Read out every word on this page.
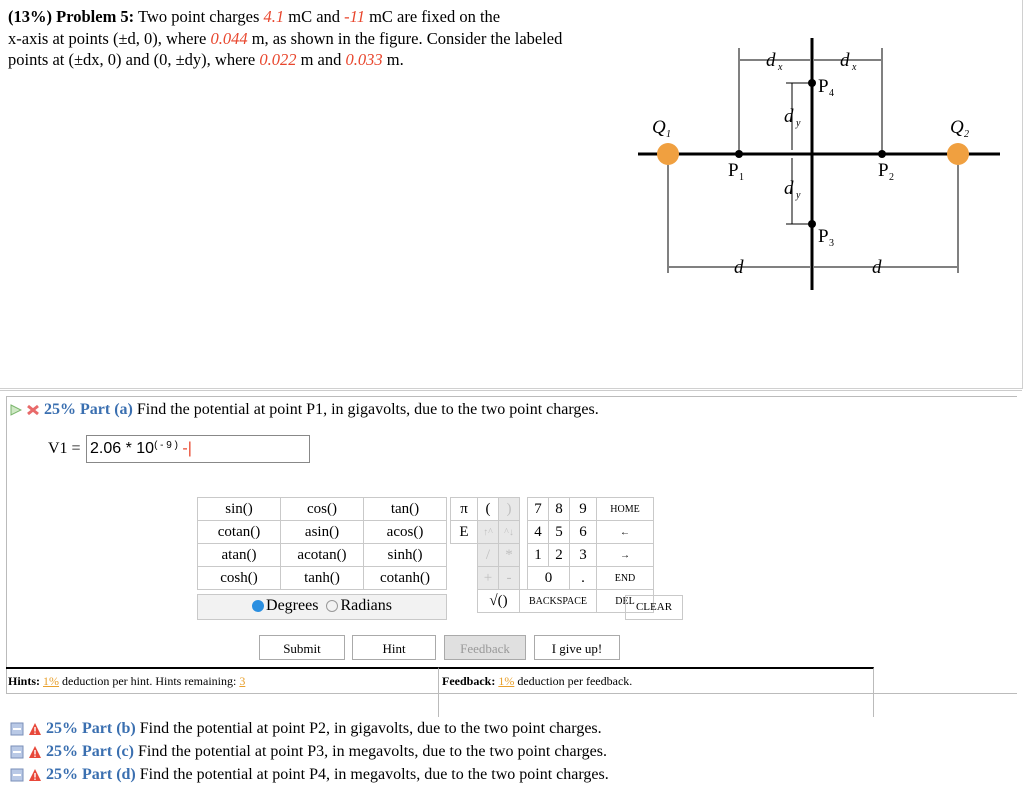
(13%) Problem 5: Two point charges 4.1 mC and -11 mC are fixed on the
x-axis at points (±d, 0), where 0.044 m, as shown in the figure. Consider the labeled
points at (±dx, 0) and (0, ±dy), where 0.022 m and 0.033 m.
Q 1	Q 2
P 1	P 2
P 3
P 4
d x	d x
d y
d y
d	d
25% Part (a) Find the potential at point P1, in gigavolts, due to the two point charges.
$V1 = 2.06 * 10^{( - 9 )}$ -|
sin()	cos()	tan()
cotan()	asin()	acos()
atan()	acotan()	sinh()
cosh()	tanh()	cotanh()
Degrees Radians
π	(	)		7	8	9	HOME
E	↑^	^↓		4	5	6	←
	/	*		1	2	3	→
	+	-		0		.	END
	√()		BACKSPACE				DEL CLEAR
Submit	Hint	Feedback	I give up!
Hints: 1% deduction per hint. Hints remaining: 3	Feedback: 1% deduction per feedback.
25% Part (b) Find the potential at point P2, in gigavolts, due to the two point charges.
25% Part (c) Find the potential at point P3, in megavolts, due to the two point charges.
25% Part (d) Find the potential at point P4, in megavolts, due to the two point charges.
